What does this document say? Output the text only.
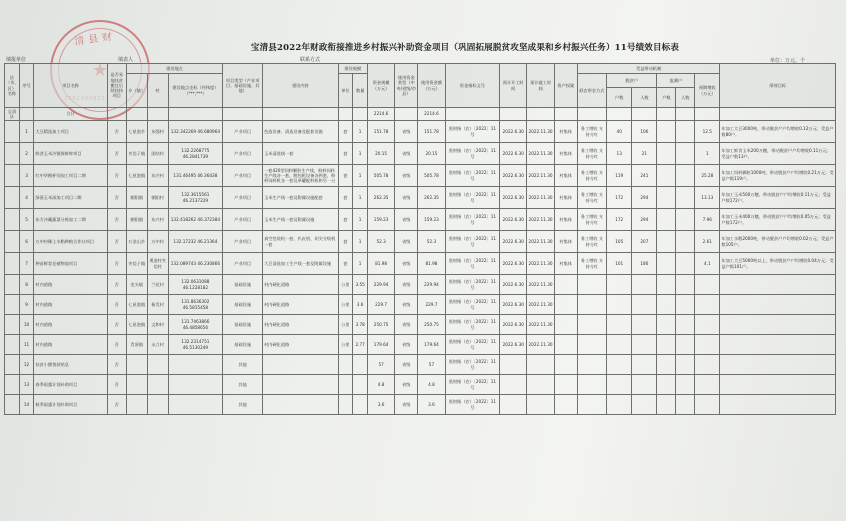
清县财
宝清县2022年财政衔接推进乡村振兴补助资金项目（巩固拓展脱贫攻坚成果和乡村振兴任务）11号绩效目标表
填报单位	填表人	联系方式	单位：万元、个
县（市、区）名称	序号	项目名称	是否易地扶贫搬迁后续扶持项目	建设地点			项目类型（产业项目、基础设施、其他）	建设内容	建设规模		资金规模（万元）	使用资金类型（中央/省级/市县）	使用资金额（万元）	资金指标文号	预计开工时间	预计竣工时间	资产权属	受益带动机制						绩效目标
				乡（镇）	村	建设地点坐标（经纬度）（***,***）			单位	数量								联农带农方式	脱贫户		监测户		预期增收（万元）	
																			户数	人数	户数	人数		

宝清县		合计									2214.6		2214.6											
	1	大豆精选加工项目	否	七星泡乡	东强村	132.342269 46.680964	产业项目	色选设备、清选设备及配套设施	套	1	151.78	省级	151.78	黑财指（农）〔2022〕11号	2022.6.30	2022.11.30	村集体	务工增收 支持分红	40	106			12.5	年加工大豆3000吨，带动脱贫户户均增收0.12万元；受益户数80户。
	2	鲜食玉米冷链保鲜库项目	否	夹信子镇	团结村	132.2268775 46.2841739	产业项目	玉米清洗线一套	套	1	20.15	省级	20.15	黑财指（农）〔2022〕11号	2022.6.30	2022.11.30	村集体	务工增收 支持分红	13	21			1	年加工鲜食玉米200万穗，带动脱贫户户均增收0.11万元；受益户数13户。
	3	红中华粮杯饲加工项目二期	否	七星泡镇	东兴村	131.46495 46.36438	产业项目	一套420型饲料颗粒生产线，粉料饲料生产线各一套，脱包机设备各两套，粉料饲料机各一套及单罐配料机和另一台	套	1	505.78	省级	505.78	黑财指（农）〔2022〕11号	2022.6.30	2022.11.30	村集体	务工增收 支持分红	119	241			25.28	年加工饲料颗粒1000吨，带动脱贫户户均增收0.21万元；受益户数119户。
	4	绿嘉玉米深加工项目二期	否	朝阳镇	朝阳村	132.3615561 46.2137229	产业项目	玉米生产线一套及附属设施配套	套	1	262.35	省级	262.35	黑财指（农）〔2022〕11号	2022.6.30	2022.11.30	村集体	务工增收 支持分红	172	294			13.13	年加工玉米500万穗，带动脱贫户户均增收0.11万元；受益户数172户。
	5	东方冷藏蔬菜分拣加工二期	否	朝阳镇	东兴村	132.418262 46.372384	产业项目	玉米生产线一套及附属设施	套	1	159.23	省级	159.23	黑财指（农）〔2022〕11号	2022.6.30	2022.11.30	村集体	务工增收 支持分红	172	294			7.96	年加工玉米400万穗，带动脱贫户户均增收0.05万元；受益户数172户。
	6	万中村稀土水稻种植合作社项目	否	万金山乡	万中村	132.17232 46.21364	产业项目	真空包装机一套，扒皮机、切尖分级机一套	套	1	52.3	省级	52.3	黑财指（农）〔2022〕11号	2022.6.30	2022.11.30	村集体	务工增收 支持分红	105	207			2.61	年加工水稻2000吨，带动脱贫户户均增收0.02万元；受益户数105户。
	7	种苗鲜荐仓储物流项目	否	夹信子镇	勇进村夹信村	132.089743 46.230866	产业项目	大豆清选加工生产线一套及附属设施	套	1	81.98	省级	81.98	黑财指（农）〔2022〕11号	2022.6.30	2022.11.30	村集体	务工增收 支持分红	101	186			4.1	年加工大豆5000吨以上，带动脱贫户户均增收0.04万元；受益户数101户。
	8	村内道路	否	龙头镇	兰花村	132.0631088 46.1228182	基础设施	村内硬化道路	公里	3.55	229.94	省级	229.94	黑财指（农）〔2022〕11号	2022.6.30	2022.11.30								
	9	村内道路	否	七星泡镇	新发村	131.8636302 46.5815458	基础设施	村内硬化道路	公里	3.6	229.7	省级	229.7	黑财指（农）〔2022〕11号	2022.6.30	2022.11.30								
	10	村内道路	否	七星泡镇	文和村	131.7463866 46.4858656	基础设施	村内硬化道路	公里	3.78	250.75	省级	250.75	黑财指（农）〔2022〕11号	2022.6.30	2022.11.30								
	11	村内道路	否	青原镇	永立村	132.2314751 46.5130249	基础设施	村内硬化道路	公里	2.77	179.64	省级	179.64	黑财指（农）〔2022〕11号	2022.6.30	2022.11.30								
	12	扶贫小额贷款贴息	否				其他				57	省级	57	黑财指（农）〔2022〕11号										
	13	春季雨露计划补助项目	否				其他				4.8	省级	4.8	黑财指（农）〔2022〕11号										
	14	秋季雨露计划补助项目	否				其他				3.6	省级	3.6	黑财指（农）〔2022〕11号										
